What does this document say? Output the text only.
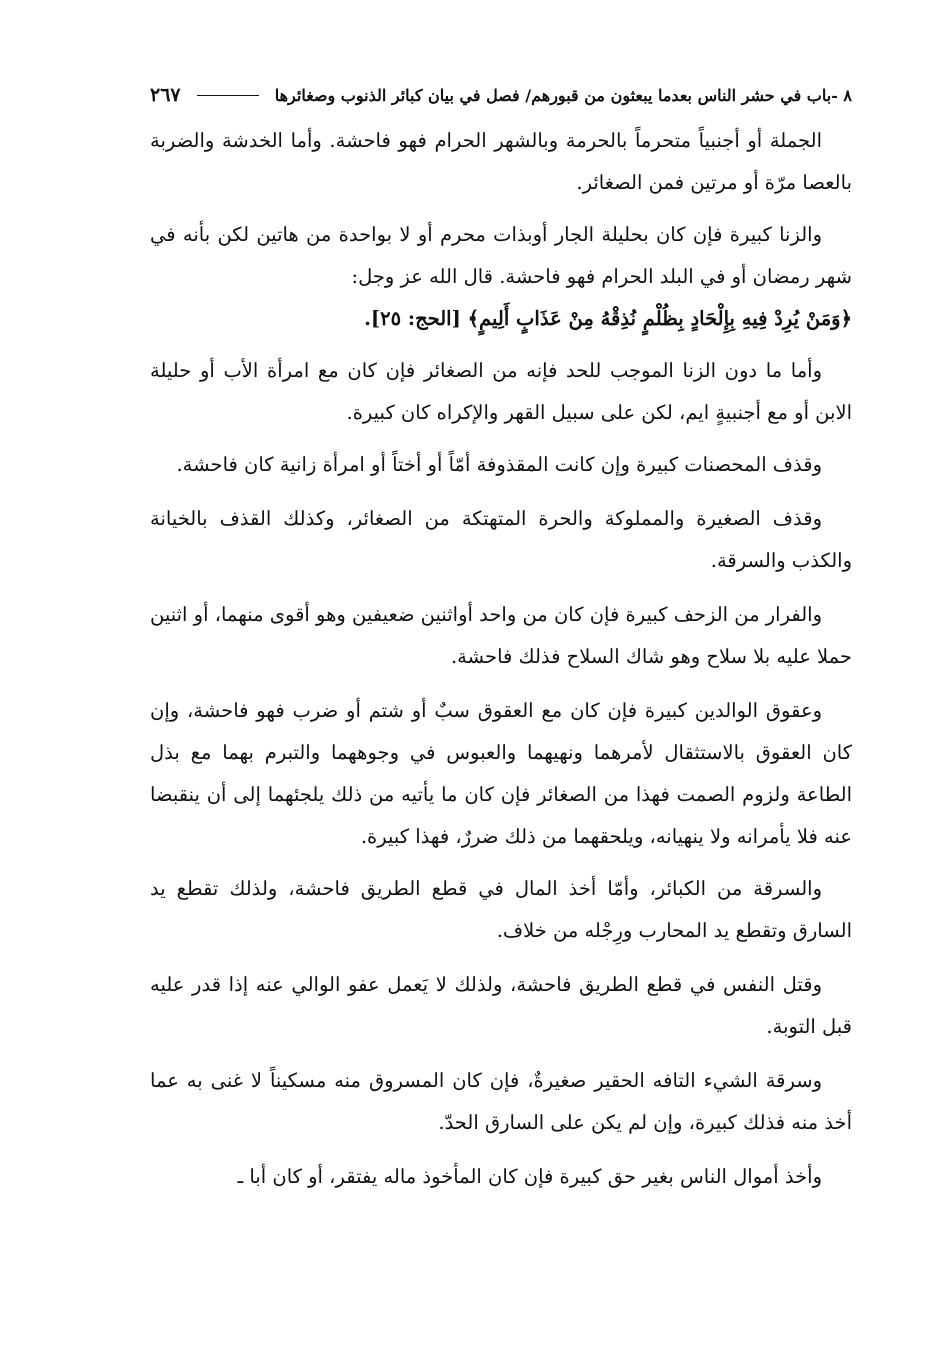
٨ -باب في حشر الناس بعدما يبعثون من قبورهم/ فصل في بيان كبائر الذنوب وصغائرها
٢٦٧

الجملة أو أجنبياً متحرماً بالحرمة وبالشهر الحرام فهو فاحشة. وأما الخدشة والضربة بالعصا مرّة أو مرتين فمن الصغائر.

والزنا كبيرة فإن كان بحليلة الجار أوبذات محرم أو لا بواحدة من هاتين لكن بأنه في شهر رمضان أو في البلد الحرام فهو فاحشة. قال الله عز وجل:

﴿وَمَنْ يُرِدْ فِيهِ بِإِلْحَادٍ بِظُلْمٍ نُذِقْهُ مِنْ عَذَابٍ أَلِيمٍ﴾ [الحج: ٢٥].

وأما ما دون الزنا الموجب للحد فإنه من الصغائر فإن كان مع امرأة الأب أو حليلة الابن أو مع أجنبيةٍ ايم، لكن على سبيل القهر والإكراه كان كبيرة.

وقذف المحصنات كبيرة وإن كانت المقذوفة أمّاً أو أختاً أو امرأة زانية كان فاحشة.

وقذف الصغيرة والمملوكة والحرة المتهتكة من الصغائر، وكذلك القذف بالخيانة والكذب والسرقة.

والفرار من الزحف كبيرة فإن كان من واحد أواثنين ضعيفين وهو أقوى منهما، أو اثنين حملا عليه بلا سلاح وهو شاك السلاح فذلك فاحشة.

وعقوق الوالدين كبيرة فإن كان مع العقوق سبٌ أو شتم أو ضرب فهو فاحشة، وإن كان العقوق بالاستثقال لأمرهما ونهيهما والعبوس في وجوههما والتبرم بهما مع بذل الطاعة ولزوم الصمت فهذا من الصغائر فإن كان ما يأتيه من ذلك يلجئهما إلى أن ينقبضا عنه فلا يأمرانه ولا ينهيانه، ويلحقهما من ذلك ضررٌ، فهذا كبيرة.

والسرقة من الكبائر، وأمّا أخذ المال في قطع الطريق فاحشة، ولذلك تقطع يد السارق وتقطع يد المحارب ورِجْله من خلاف.

وقتل النفس في قطع الطريق فاحشة، ولذلك لا يَعمل عفو الوالي عنه إذا قدر عليه قبل التوبة.

وسرقة الشيء التافه الحقير صغيرةٌ، فإن كان المسروق منه مسكيناً لا غنى به عما أخذ منه فذلك كبيرة، وإن لم يكن على السارق الحدّ.

وأخذ أموال الناس بغير حق كبيرة فإن كان المأخوذ ماله يفتقر، أو كان أبا ـ
